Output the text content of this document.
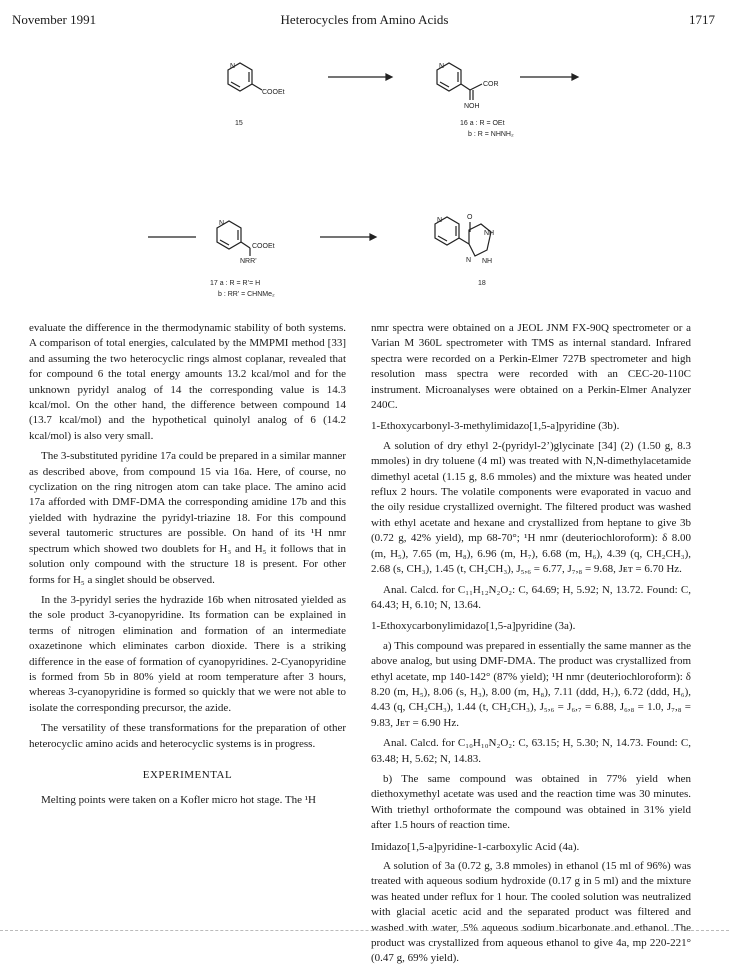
November 1991	Heterocycles from Amino Acids	1717
N
COOEt
15
N
COR
NOH
16 a : R = OEt
b : R = NHNH₂
N
COOEt
NRR’
17 a : R = R’= H
b : RR’ = CHNMe₂
N	O
NH
N NH
18

evaluate the difference in the thermodynamic stability of both systems. A comparison of total energies, calculated by the MMPMI method [33] and assuming the two heterocyclic rings almost coplanar, revealed that for compound 6 the total energy amounts 13.2 kcal/mol and for the unknown pyridyl analog of 14 the corresponding value is 14.3 kcal/mol. On the other hand, the difference between compound 14 (13.7 kcal/mol) and the hypothetical quinolyl analog of 6 (14.2 kcal/mol) is also very small.

The 3-substituted pyridine 17a could be prepared in a similar manner as described above, from compound 15 via 16a. Here, of course, no cyclization on the ring nitrogen atom can take place. The amino acid 17a afforded with DMF-DMA the corresponding amidine 17b and this yielded with hydrazine the pyridyl-triazine 18. For this compound several tautomeric structures are possible. On hand of its ¹H nmr spectrum which showed two doublets for H₃ and H₅ it follows that in solution only compound with the structure 18 is present. For other forms for H₅ a singlet should be observed.

In the 3-pyridyl series the hydrazide 16b when nitrosated yielded as the sole product 3-cyanopyridine. Its formation can be explained in terms of nitrogen elimination and formation of an intermediate oxazetinone which eliminates carbon dioxide. There is a striking difference in the ease of formation of cyanopyridines. 2-Cyanopyridine is formed from 5b in 80% yield at room temperature after 3 hours, whereas 3-cyanopyridine is formed so quickly that we were not able to isolate the corresponding precursor, the azide.

The versatility of these transformations for the preparation of other heterocyclic amino acids and heterocyclic systems is in progress.

EXPERIMENTAL

Melting points were taken on a Kofler micro hot stage. The ¹H

nmr spectra were obtained on a JEOL JNM FX-90Q spectrometer or a Varian M 360L spectrometer with TMS as internal standard. Infrared spectra were recorded on a Perkin-Elmer 727B spectrometer and high resolution mass spectra were recorded with an CEC-20-110C instrument. Microanalyses were obtained on a Perkin-Elmer Analyzer 240C.

1-Ethoxycarbonyl-3-methylimidazo[1,5-a]pyridine (3b).

A solution of dry ethyl 2-(pyridyl-2’)glycinate [34] (2) (1.50 g, 8.3 mmoles) in dry toluene (4 ml) was treated with N,N-dimethylacetamide dimethyl acetal (1.15 g, 8.6 mmoles) and the mixture was heated under reflux 2 hours. The volatile components were evaporated in vacuo and the oily residue crystallized overnight. The filtered product was washed with ethyl acetate and hexane and crystallized from heptane to give 3b (0.72 g, 42% yield), mp 68-70°; ¹H nmr (deuteriochloroform): δ 8.00 (m, H₅), 7.65 (m, H₈), 6.96 (m, H₇), 6.68 (m, H₆), 4.39 (q, CH₂CH₃), 2.68 (s, CH₃), 1.45 (t, CH₂CH₃), J₅,₆ = 6.77, J₇,₈ = 9.68, Jᴇᴛ = 6.70 Hz.

Anal. Calcd. for C₁₁H₁₂N₂O₂: C, 64.69; H, 5.92; N, 13.72. Found: C, 64.43; H, 6.10; N, 13.64.

1-Ethoxycarbonylimidazo[1,5-a]pyridine (3a).

a) This compound was prepared in essentially the same manner as the above analog, but using DMF-DMA. The product was crystallized from ethyl acetate, mp 140-142° (87% yield); ¹H nmr (deuteriochloroform): δ 8.20 (m, H₅), 8.06 (s, H₃), 8.00 (m, H₈), 7.11 (ddd, H₇), 6.72 (ddd, H₆), 4.43 (q, CH₂CH₃), 1.44 (t, CH₂CH₃), J₅,₆ = J₆,₇ = 6.88, J₆,₈ = 1.0, J₇,₈ = 9.83, Jᴇᴛ = 6.90 Hz.

Anal. Calcd. for C₁₀H₁₀N₂O₂: C, 63.15; H, 5.30; N, 14.73. Found: C, 63.48; H, 5.62; N, 14.83.

b) The same compound was obtained in 77% yield when diethoxymethyl acetate was used and the reaction time was 30 minutes. With triethyl orthoformate the compound was obtained in 31% yield after 1.5 hours of reaction time.

Imidazo[1,5-a]pyridine-1-carboxylic Acid (4a).

A solution of 3a (0.72 g, 3.8 mmoles) in ethanol (15 ml of 96%) was treated with aqueous sodium hydroxide (0.17 g in 5 ml) and the mixture was heated under reflux for 1 hour. The cooled solution was neutralized with glacial acetic acid and the separated product was filtered and washed with water, 5% aqueous sodium bicarbonate and ethanol. The product was crystallized from aqueous ethanol to give 4a, mp 220-221° (0.47 g, 69% yield).
